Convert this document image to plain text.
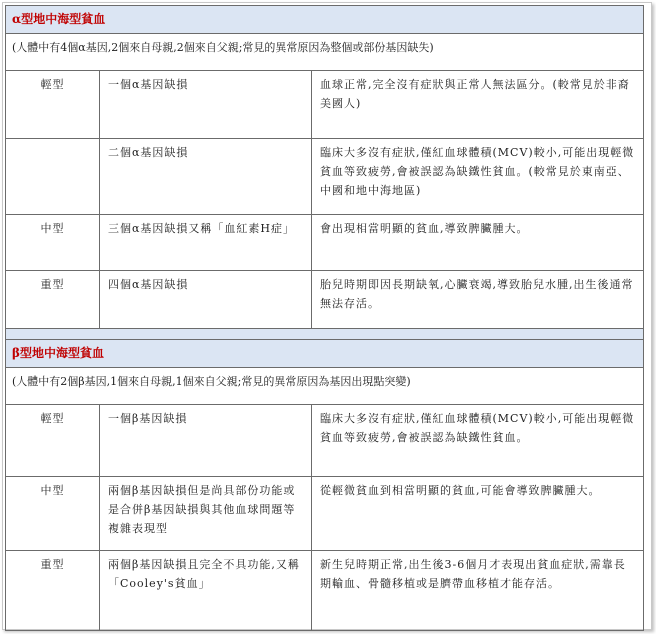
α型地中海型貧血		
(人體中有4個α基因,2個來自母親,2個來自父親;常見的異常原因為整個或部份基因缺失)		
輕型	一個α基因缺損	血球正常,完全沒有症狀與正常人無法區分。(較常見於非裔美國人)
	二個α基因缺損	臨床大多沒有症狀,僅紅血球體積(MCV)較小,可能出現輕微貧血等致疲勞,會被誤認為缺鐵性貧血。(較常見於東南亞、中國和地中海地區)
中型	三個α基因缺損又稱「血紅素H症」	會出現相當明顯的貧血,導致脾臟腫大。
重型	四個α基因缺損	胎兒時期即因長期缺氧,心臟衰竭,導致胎兒水腫,出生後通常無法存活。

β型地中海型貧血		
(人體中有2個β基因,1個來自母親,1個來自父親;常見的異常原因為基因出現點突變)		
輕型	一個β基因缺損	臨床大多沒有症狀,僅紅血球體積(MCV)較小,可能出現輕微貧血等致疲勞,會被誤認為缺鐵性貧血。
中型	兩個β基因缺損但是尚具部份功能或是合併β基因缺損與其他血球問題等複雜表現型	從輕微貧血到相當明顯的貧血,可能會導致脾臟腫大。
重型	兩個β基因缺損且完全不具功能,又稱「Cooley's貧血」	新生兒時期正常,出生後3-6個月才表現出貧血症狀,需靠長期輸血、骨髓移植或是臍帶血移植才能存活。
